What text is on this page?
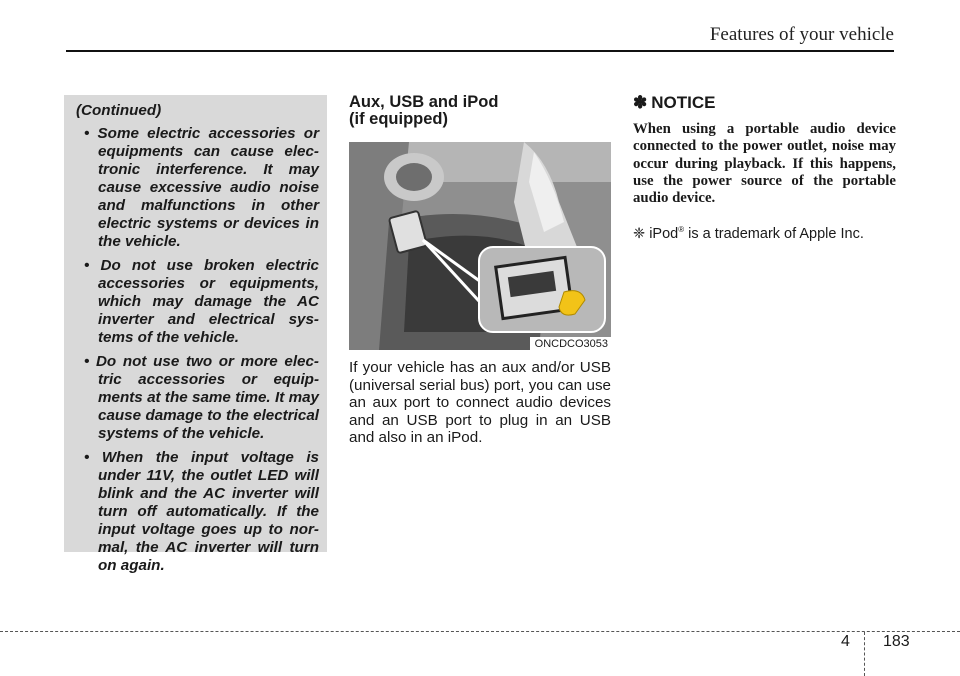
Features of your vehicle

(Continued)

• Some electric accessories or equipments can cause elec-tronic interference. It may cause excessive audio noise and malfunctions in other electric systems or devices in the vehicle.
• Do not use broken electric accessories or equipments, which may damage the AC inverter and electrical sys-tems of the vehicle.
• Do not use two or more elec-tric accessories or equip-ments at the same time. It may cause damage to the electrical systems of the vehicle.
• When the input voltage is under 11V, the outlet LED will blink and the AC inverter will turn off automatically. If the input voltage goes up to nor-mal, the AC inverter will turn on again.
Aux, USB and iPod
(if equipped)
ONCDCO3053

If your vehicle has an aux and/or USB (universal serial bus) port, you can use an aux port to connect audio devices and an USB port to plug in an USB and also in an iPod.

✽ NOTICE

When using a portable audio device connected to the power outlet, noise may occur during playback. If this happens, use the power source of the portable audio device.

❈ iPod® is a trademark of Apple Inc.
4 183
